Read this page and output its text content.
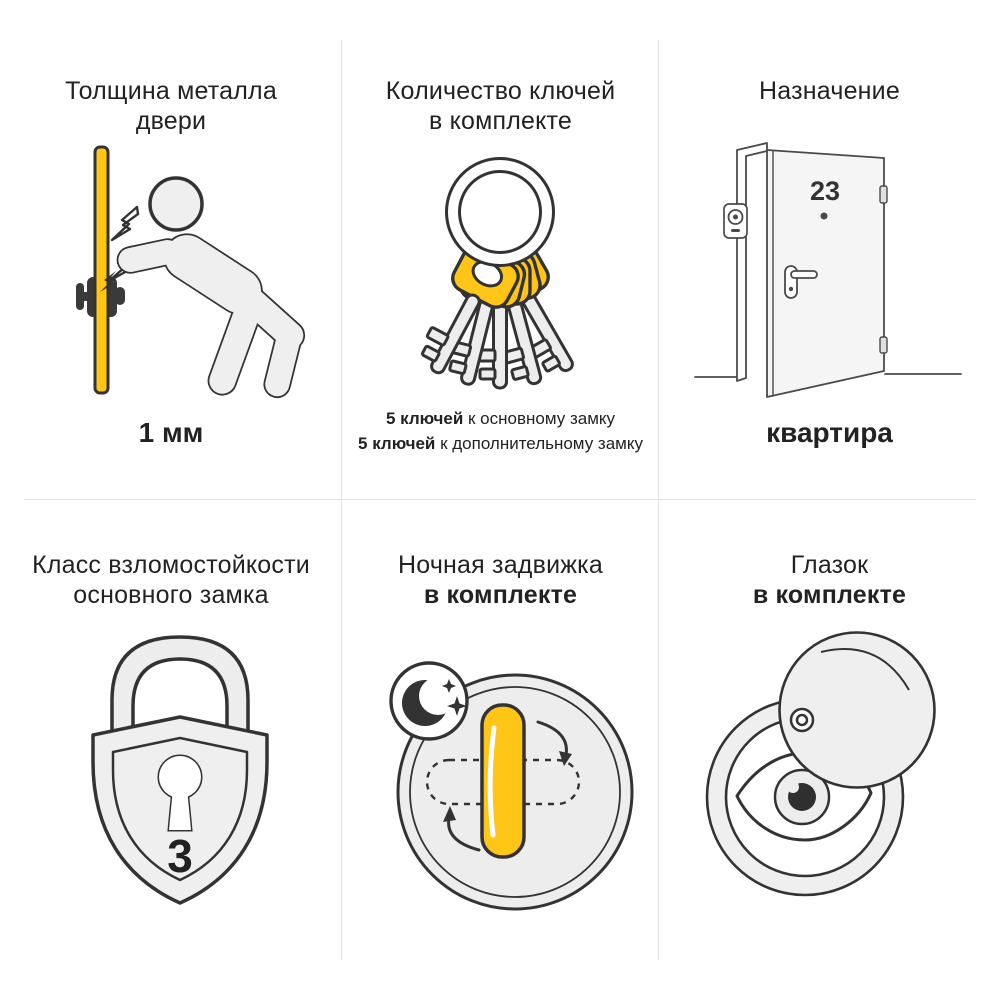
Толщина металла
двери
1 мм
Количество ключей
в комплекте
5 ключей к основному замку
5 ключей к дополнительному замку
Назначение
23
квартира
Класс взломостойкости
основного замка
3
Ночная задвижка
в комплекте
Глазок
в комплекте
